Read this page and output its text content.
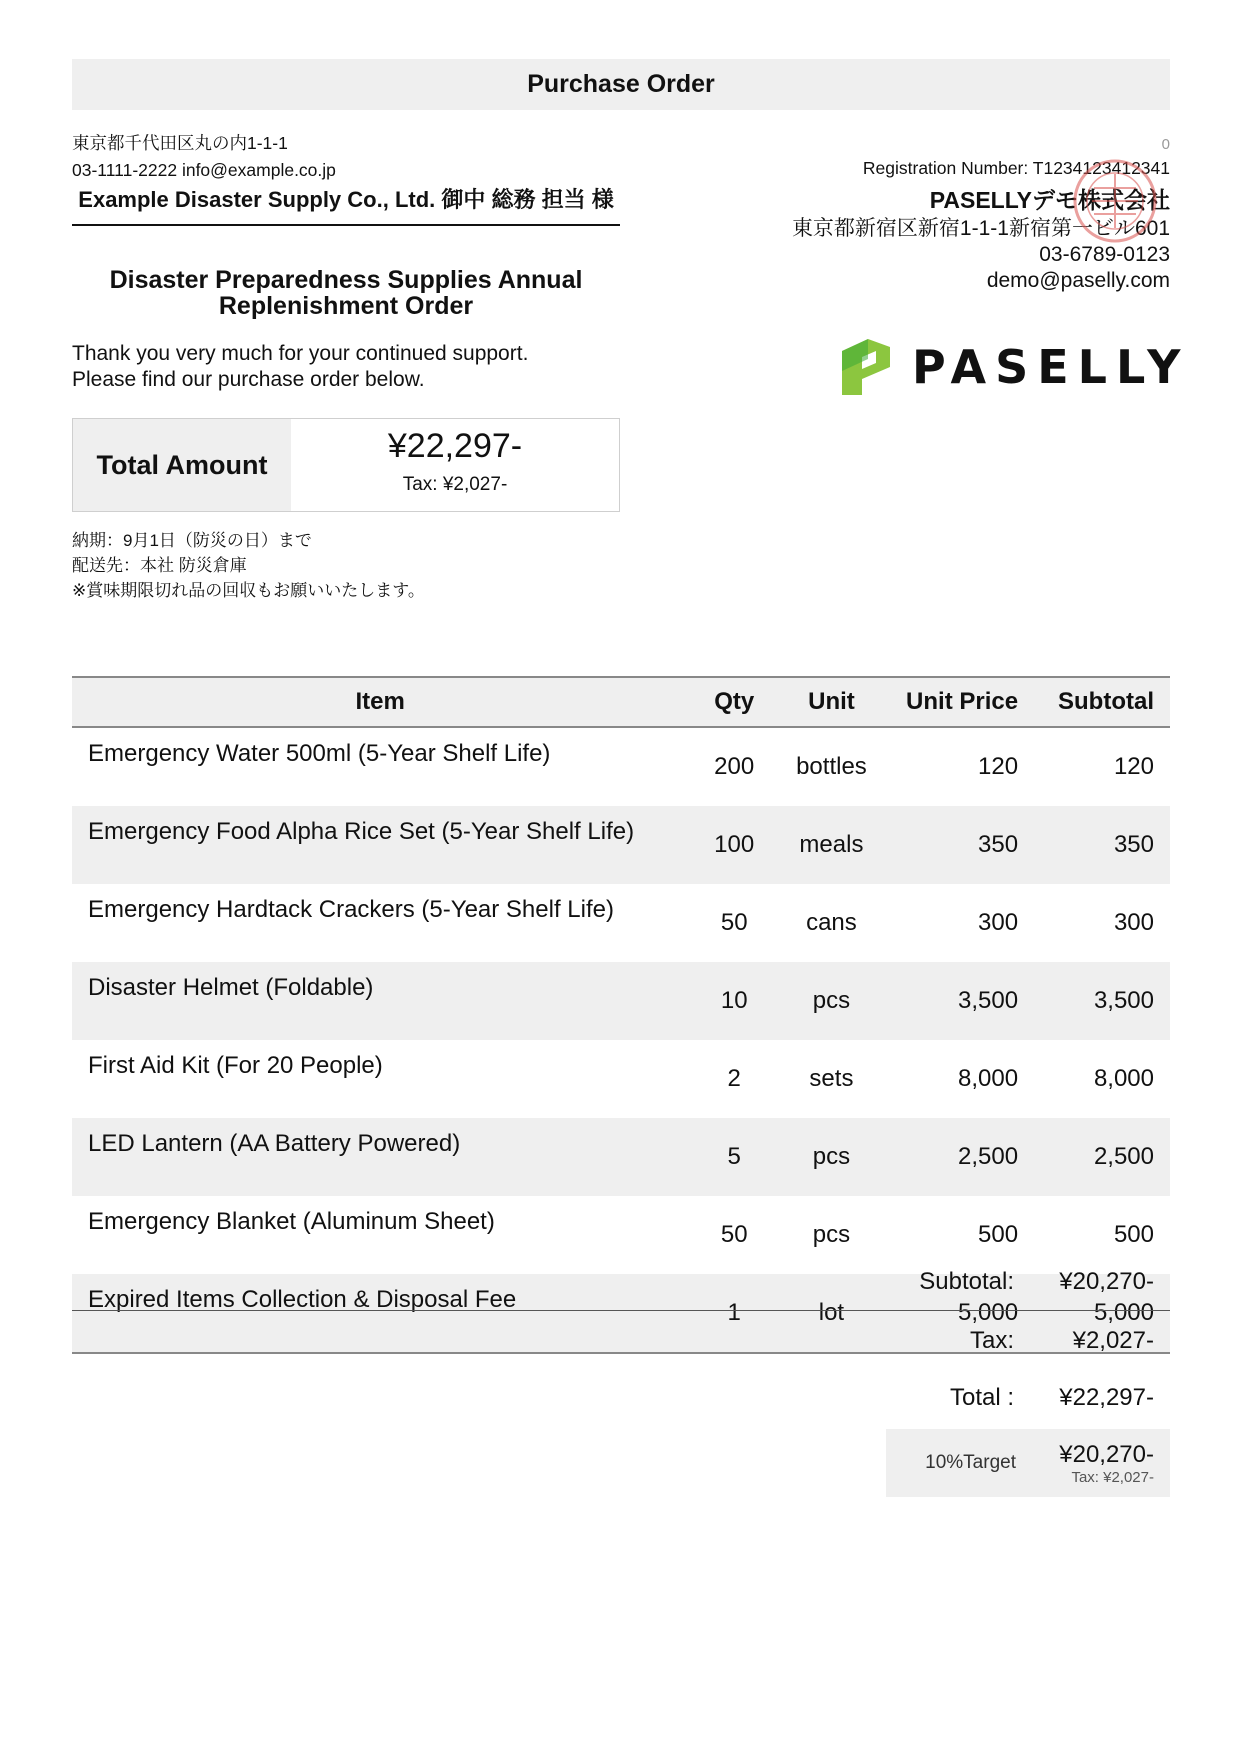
Purchase Order
東京都千代田区丸の内1-1-1
03-1111-2222 info@example.co.jp
Example Disaster Supply Co., Ltd. 御中 総務 担当 様
Disaster Preparedness Supplies Annual Replenishment Order
Thank you very much for your continued support.
Please find our purchase order below.
Total Amount	¥22,297-
Tax: ¥2,027-
納期：9月1日（防災の日）まで
配送先：本社 防災倉庫
※賞味期限切れ品の回収もお願いいたします。
0
Registration Number: T1234123412341
PASELLYデモ株式会社
東京都新宿区新宿1-1-1新宿第一ビル601
03-6789-0123
demo@paselly.com
PASELLY
Item	Qty	Unit	Unit Price	Subtotal
Emergency Water 500ml (5-Year Shelf Life)	200	bottles	120	120
Emergency Food Alpha Rice Set (5-Year Shelf Life)	100	meals	350	350
Emergency Hardtack Crackers (5-Year Shelf Life)	50	cans	300	300
Disaster Helmet (Foldable)	10	pcs	3,500	3,500
First Aid Kit (For 20 People)	2	sets	8,000	8,000
LED Lantern (AA Battery Powered)	5	pcs	2,500	2,500
Emergency Blanket (Aluminum Sheet)	50	pcs	500	500
Expired Items Collection & Disposal Fee	1	lot	5,000	5,000
Subtotal:	¥20,270-
Tax:	¥2,027-
Total :	¥22,297-
10%Target	¥20,270-
Tax: ¥2,027-
